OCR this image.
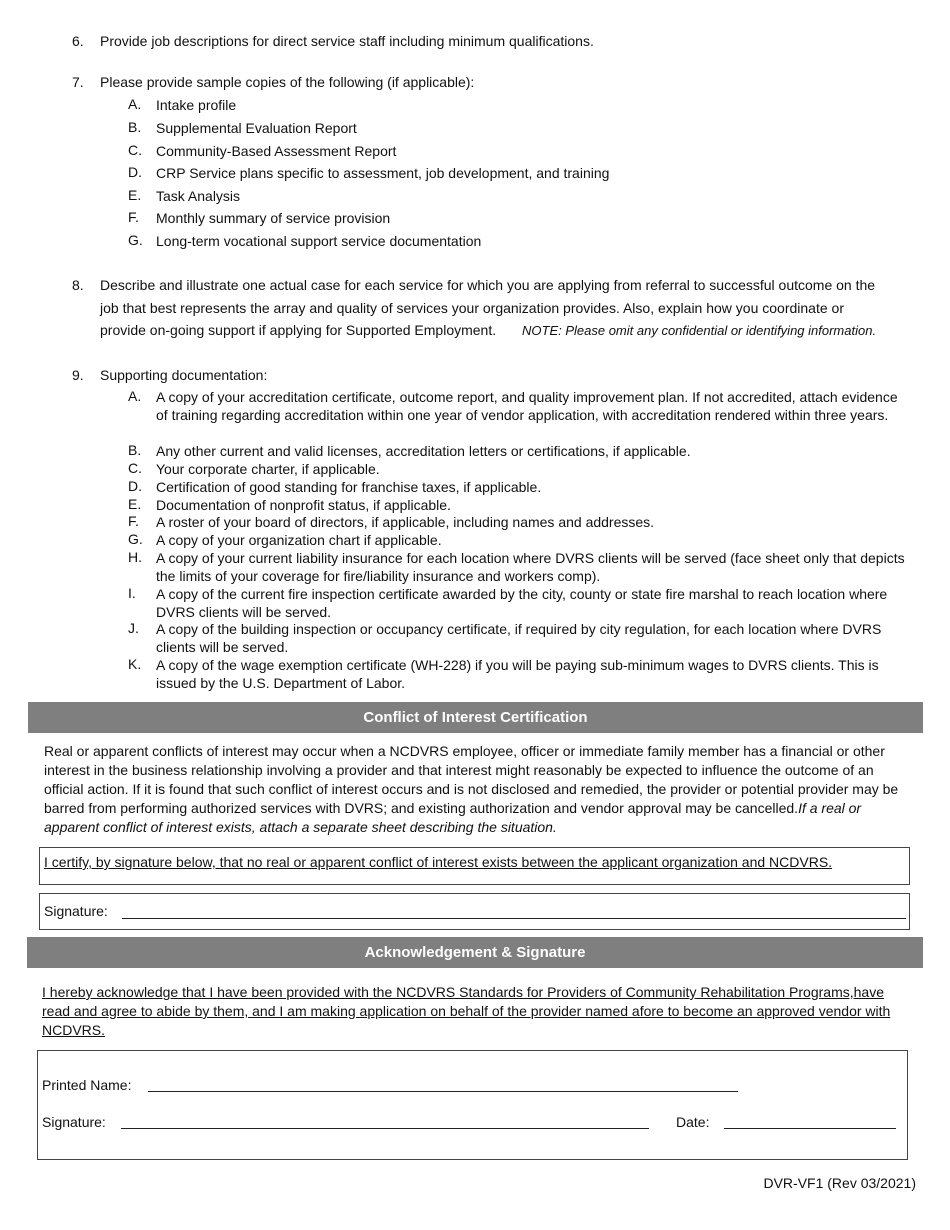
6. Provide job descriptions for direct service staff including minimum qualifications.
7. Please provide sample copies of the following (if applicable):
A. Intake profile
B. Supplemental Evaluation Report
C. Community-Based Assessment Report
D. CRP Service plans specific to assessment, job development, and training
E. Task Analysis
F. Monthly summary of service provision
G. Long-term vocational support service documentation
8. Describe and illustrate one actual case for each service for which you are applying from referral to successful outcome on the
job that best represents the array and quality of services your organization provides. Also, explain how you coordinate or
provide on-going support if applying for Supported Employment. NOTE: Please omit any confidential or identifying information.
9. Supporting documentation:
A. A copy of your accreditation certificate, outcome report, and quality improvement plan. If not accredited, attach evidence of training regarding accreditation within one year of vendor application, with accreditation rendered within three years.
B. Any other current and valid licenses, accreditation letters or certifications, if applicable.
C. Your corporate charter, if applicable.
D. Certification of good standing for franchise taxes, if applicable.
E. Documentation of nonprofit status, if applicable.
F. A roster of your board of directors, if applicable, including names and addresses.
G. A copy of your organization chart if applicable.
H. A copy of your current liability insurance for each location where DVRS clients will be served (face sheet only that depicts the limits of your coverage for fire/liability insurance and workers comp).
I. A copy of the current fire inspection certificate awarded by the city, county or state fire marshal to reach location where DVRS clients will be served.
J. A copy of the building inspection or occupancy certificate, if required by city regulation, for each location where DVRS clients will be served.
K. A copy of the wage exemption certificate (WH-228) if you will be paying sub-minimum wages to DVRS clients. This is issued by the U.S. Department of Labor.
Conflict of Interest Certification
Real or apparent conflicts of interest may occur when a NCDVRS employee, officer or immediate family member has a financial or other interest in the business relationship involving a provider and that interest might reasonably be expected to influence the outcome of an official action. If it is found that such conflict of interest occurs and is not disclosed and remedied, the provider or potential provider may be barred from performing authorized services with DVRS; and existing authorization and vendor approval may be cancelled.If a real or apparent conflict of interest exists, attach a separate sheet describing the situation.
I certify, by signature below, that no real or apparent conflict of interest exists between the applicant organization and NCDVRS.
Signature:
Acknowledgement & Signature
I hereby acknowledge that I have been provided with the NCDVRS Standards for Providers of Community Rehabilitation Programs,have read and agree to abide by them, and I am making application on behalf of the provider named afore to become an approved vendor with NCDVRS.
Printed Name:
Signature:	Date:
DVR-VF1 (Rev 03/2021)
